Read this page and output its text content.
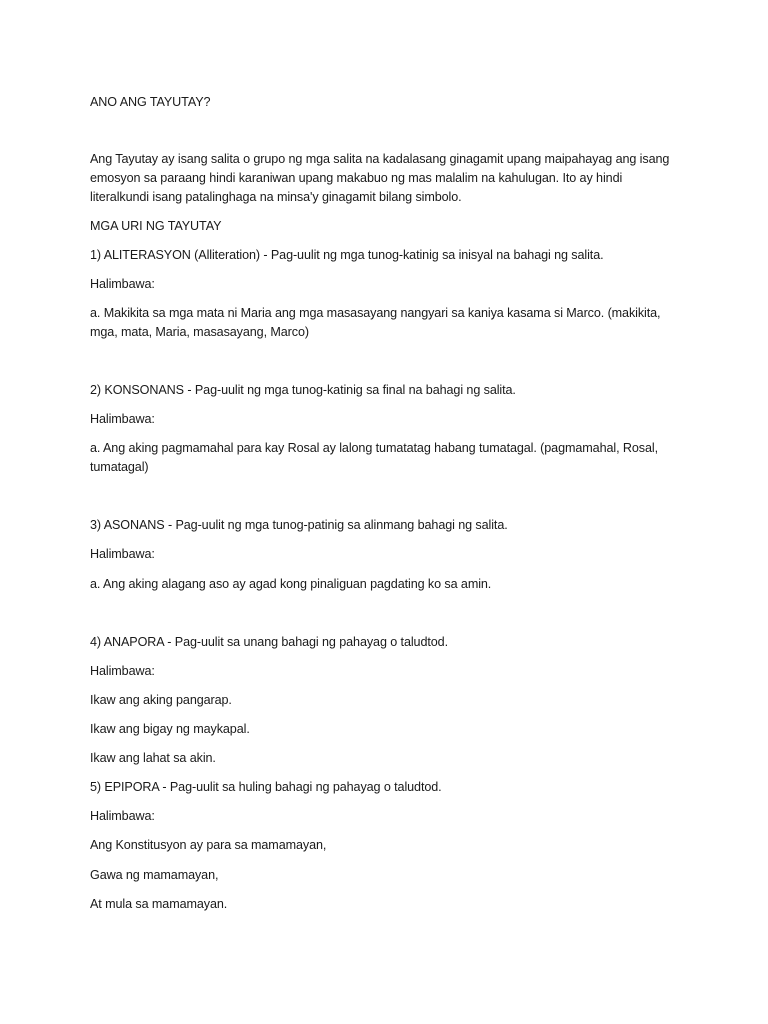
ANO ANG TAYUTAY?
Ang Tayutay ay isang salita o grupo ng mga salita na kadalasang ginagamit upang maipahayag ang isang
emosyon sa paraang hindi karaniwan upang makabuo ng mas malalim na kahulugan. Ito ay hindi
literalkundi isang patalinghaga na minsa'y ginagamit bilang simbolo.
MGA URI NG TAYUTAY
1) ALITERASYON (Alliteration) - Pag-uulit ng mga tunog-katinig sa inisyal na bahagi ng salita.
Halimbawa:
a. Makikita sa mga mata ni Maria ang mga masasayang nangyari sa kaniya kasama si Marco. (makikita,
mga, mata, Maria, masasayang, Marco)
2) KONSONANS - Pag-uulit ng mga tunog-katinig sa final na bahagi ng salita.
Halimbawa:
a. Ang aking pagmamahal para kay Rosal ay lalong tumatatag habang tumatagal. (pagmamahal, Rosal,
tumatagal)
3) ASONANS - Pag-uulit ng mga tunog-patinig sa alinmang bahagi ng salita.
Halimbawa:
a. Ang aking alagang aso ay agad kong pinaliguan pagdating ko sa amin.
4) ANAPORA - Pag-uulit sa unang bahagi ng pahayag o taludtod.
Halimbawa:
Ikaw ang aking pangarap.
Ikaw ang bigay ng maykapal.
Ikaw ang lahat sa akin.
5) EPIPORA - Pag-uulit sa huling bahagi ng pahayag o taludtod.
Halimbawa:
Ang Konstitusyon ay para sa mamamayan,
Gawa ng mamamayan,
At mula sa mamamayan.
